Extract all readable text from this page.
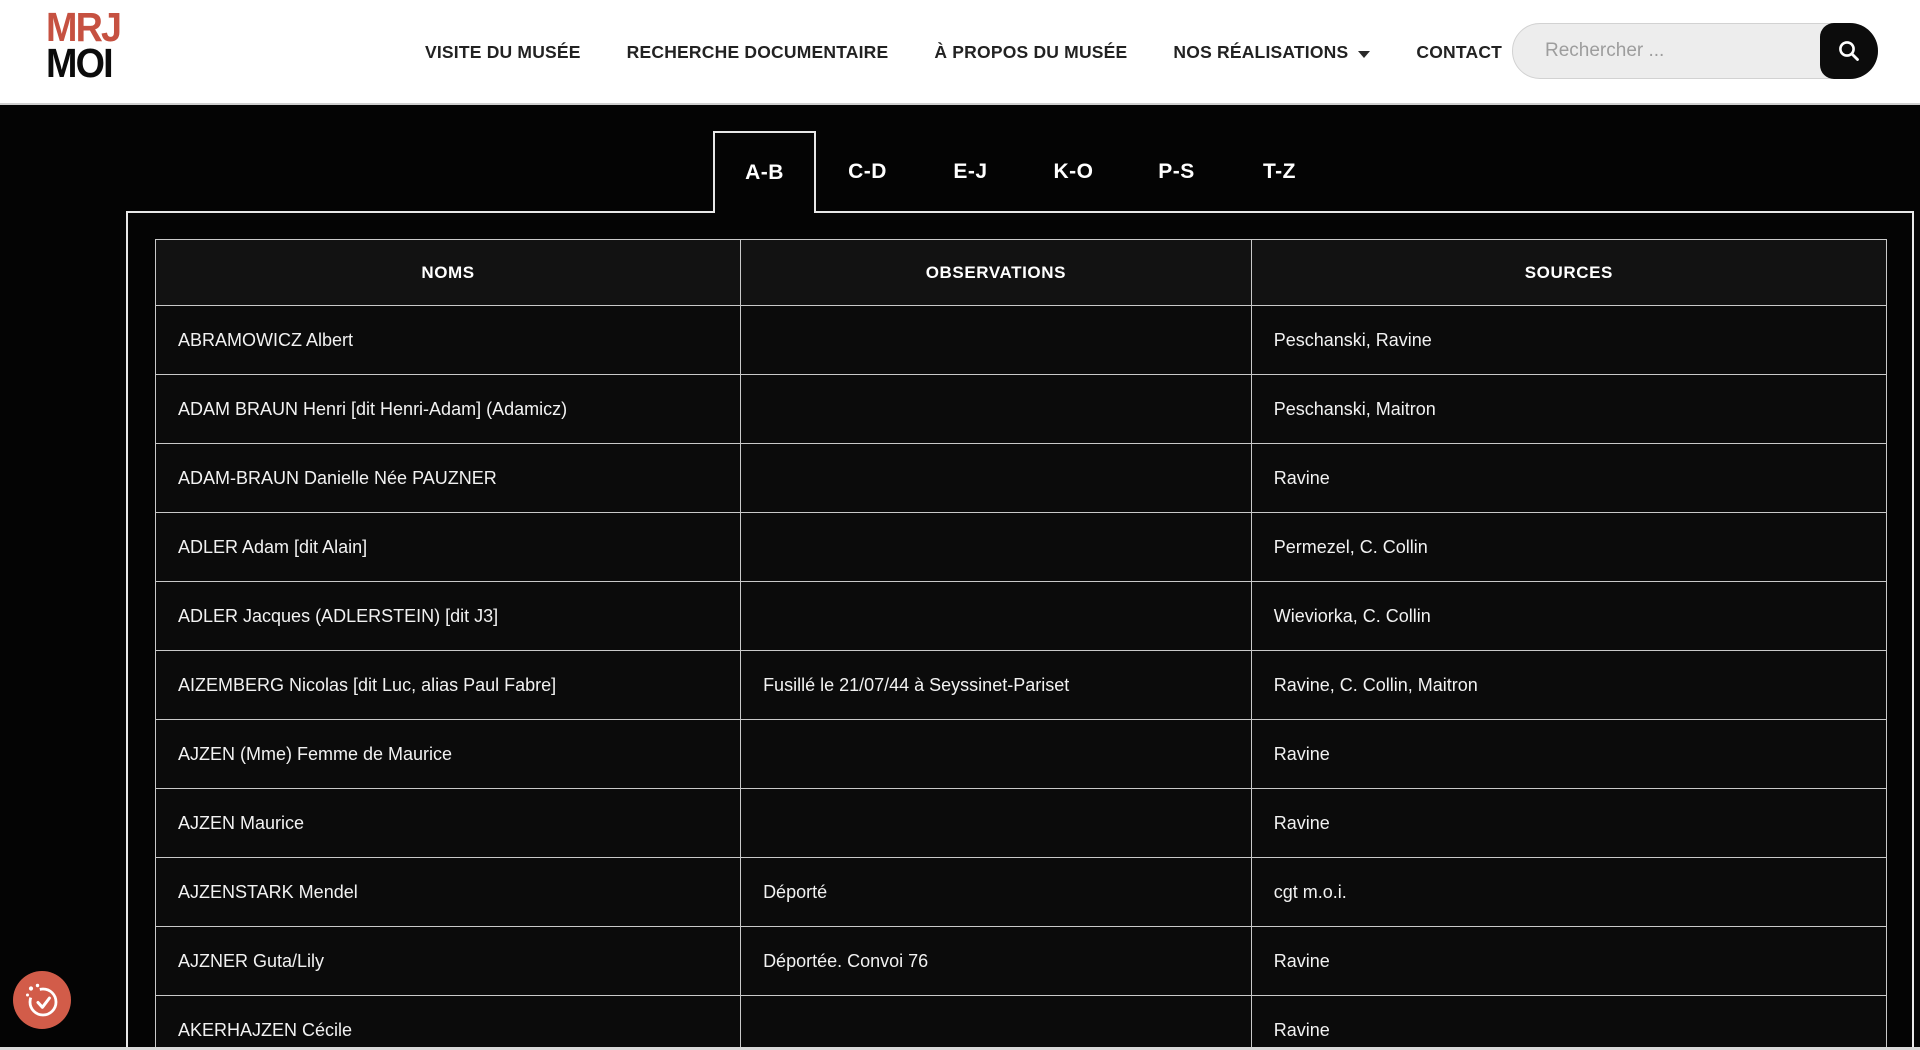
MRJ
MOI	VISITE DU MUSÉE	RECHERCHE DOCUMENTAIRE	À PROPOS DU MUSÉE	NOS RÉALISATIONS	CONTACT
Rechercher ...
A-B	C-D	E-J	K-O	P-S	T-Z
NOMS	OBSERVATIONS	SOURCES
ABRAMOWICZ Albert		Peschanski, Ravine
ADAM BRAUN Henri [dit Henri-Adam] (Adamicz)		Peschanski, Maitron
ADAM-BRAUN Danielle Née PAUZNER		Ravine
ADLER Adam [dit Alain]		Permezel, C. Collin
ADLER Jacques (ADLERSTEIN) [dit J3]		Wieviorka, C. Collin
AIZEMBERG Nicolas [dit Luc, alias Paul Fabre]	Fusillé le 21/07/44 à Seyssinet-Pariset	Ravine, C. Collin, Maitron
AJZEN (Mme) Femme de Maurice		Ravine
AJZEN Maurice		Ravine
AJZENSTARK Mendel	Déporté	cgt m.o.i.
AJZNER Guta/Lily	Déportée. Convoi 76	Ravine
AKERHAJZEN Cécile		Ravine
